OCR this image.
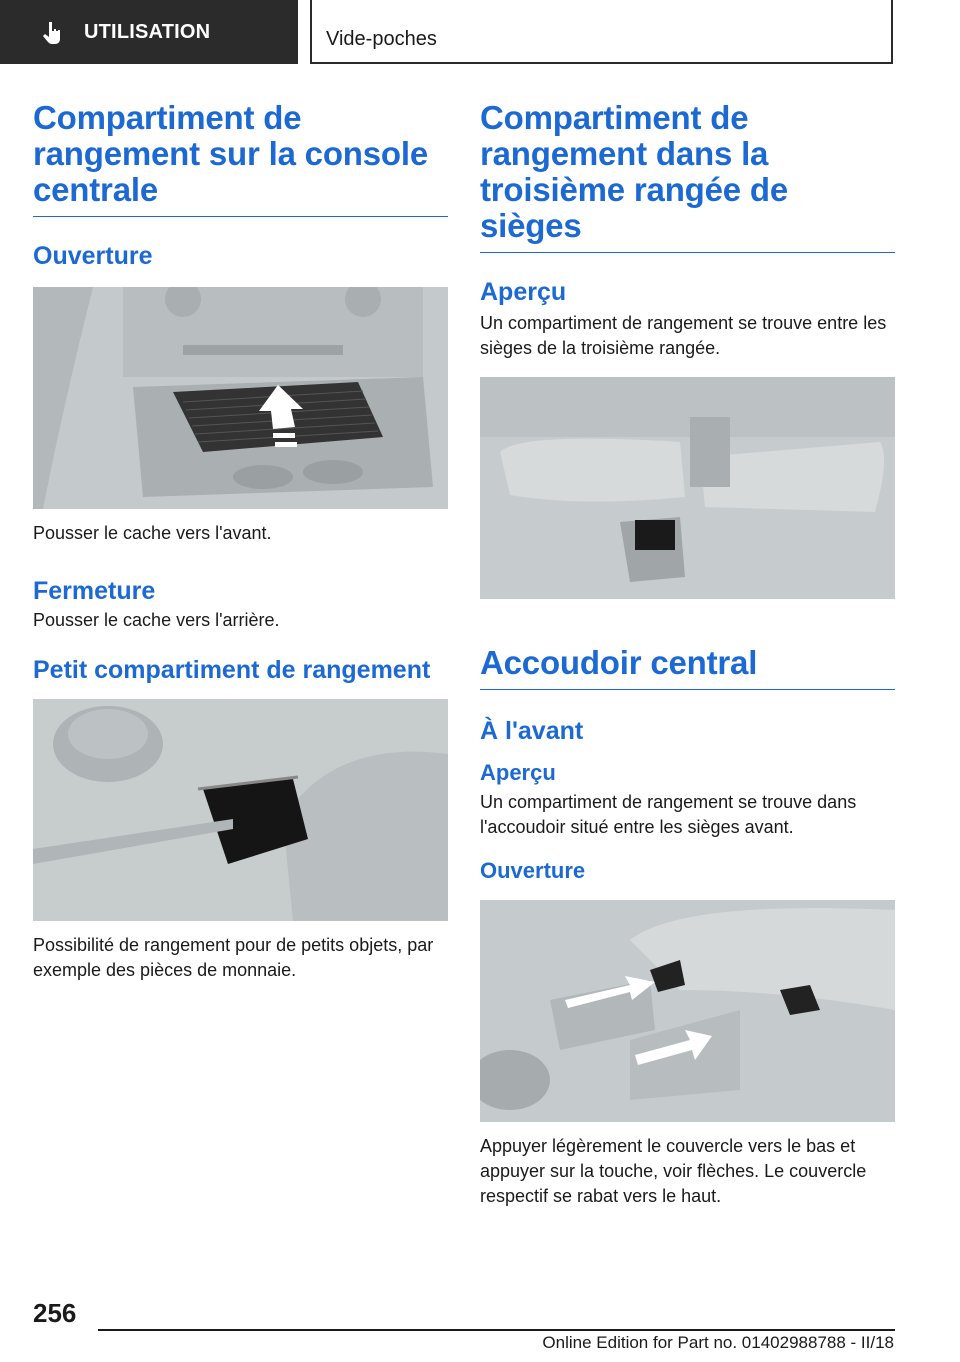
UTILISATION	Vide-poches
Compartiment de rangement sur la console centrale
Ouverture

Pousser le cache vers l'avant.

Fermeture

Pousser le cache vers l'arrière.

Petit compartiment de rangement

Possibilité de rangement pour de petits objets, par exemple des pièces de monnaie.

Compartiment de rangement dans la troisième rangée de sièges
Aperçu

Un compartiment de rangement se trouve entre les sièges de la troisième rangée.

Accoudoir central
À l'avant
Aperçu

Un compartiment de rangement se trouve dans l'accoudoir situé entre les sièges avant.

Ouverture

Appuyer légèrement le couvercle vers le bas et appuyer sur la touche, voir flèches. Le couvercle respectif se rabat vers le haut.

256
Online Edition for Part no. 01402988788 - II/18
